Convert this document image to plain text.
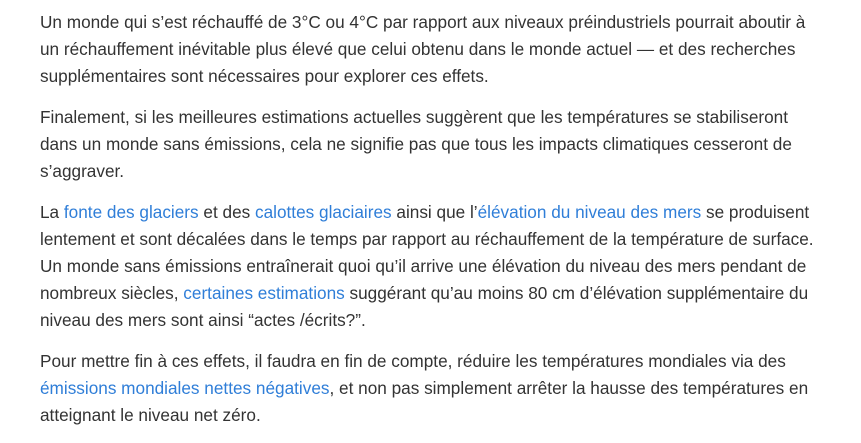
Un monde qui s’est réchauffé de 3°C ou 4°C par rapport aux niveaux préindustriels pourrait aboutir à
un réchauffement inévitable plus élevé que celui obtenu dans le monde actuel — et des recherches
supplémentaires sont nécessaires pour explorer ces effets.

Finalement, si les meilleures estimations actuelles suggèrent que les températures se stabiliseront
dans un monde sans émissions, cela ne signifie pas que tous les impacts climatiques cesseront de
s’aggraver.

La fonte des glaciers et des calottes glaciaires ainsi que l’élévation du niveau des mers se produisent
lentement et sont décalées dans le temps par rapport au réchauffement de la température de surface.
Un monde sans émissions entraînerait quoi qu’il arrive une élévation du niveau des mers pendant de
nombreux siècles, certaines estimations suggérant qu’au moins 80 cm d’élévation supplémentaire du
niveau des mers sont ainsi “actes /écrits?”.

Pour mettre fin à ces effets, il faudra en fin de compte, réduire les températures mondiales via des
émissions mondiales nettes négatives, et non pas simplement arrêter la hausse des températures en
atteignant le niveau net zéro.
